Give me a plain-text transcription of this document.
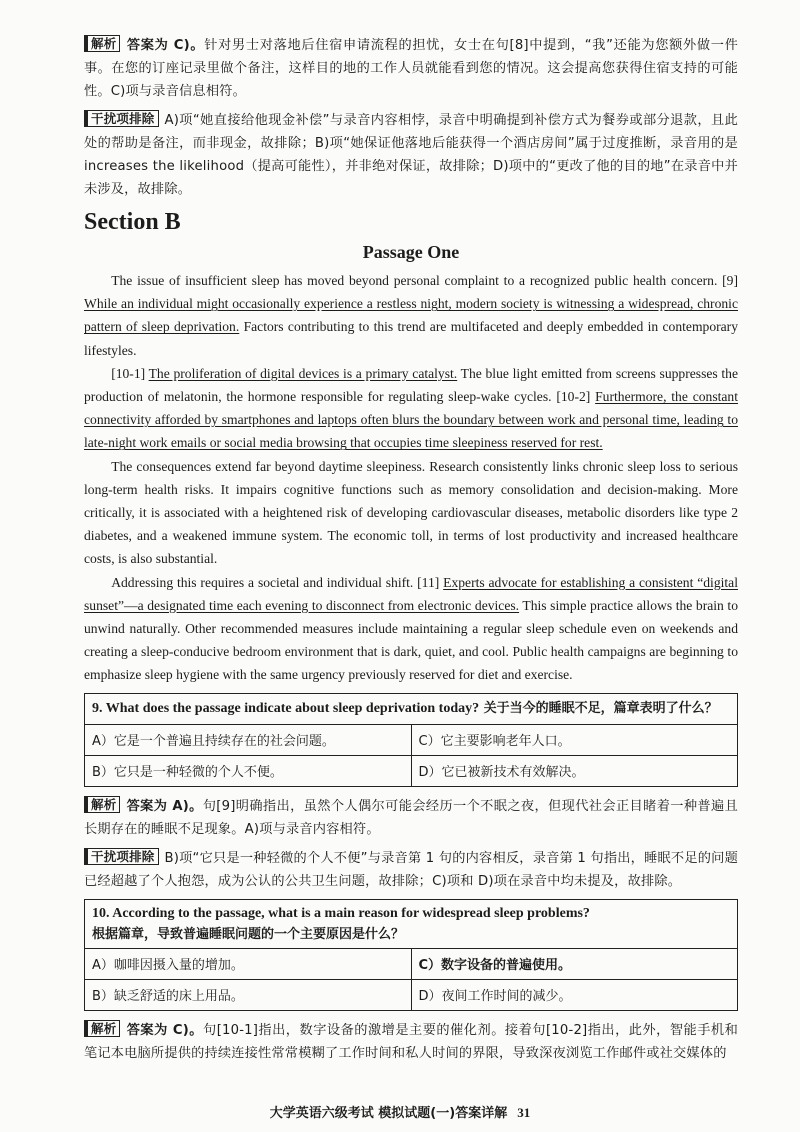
解析 答案为 C)。针对男士对落地后住宿申请流程的担忧，女士在句[8]中提到，“我”还能为您额外做一件事。在您的订座记录里做个备注，这样目的地的工作人员就能看到您的情况。这会提高您获得住宿支持的可能性。C)项与录音信息相符。

干扰项排除 A)项“她直接给他现金补偿”与录音内容相悖，录音中明确提到补偿方式为餐券或部分退款，且此处的帮助是备注，而非现金，故排除；B)项“她保证他落地后能获得一个酒店房间”属于过度推断，录音用的是 increases the likelihood（提高可能性），并非绝对保证，故排除；D)项中的“更改了他的目的地”在录音中并未涉及，故排除。

Section B
Passage One

The issue of insufficient sleep has moved beyond personal complaint to a recognized public health concern. [9] While an individual might occasionally experience a restless night, modern society is witnessing a widespread, chronic pattern of sleep deprivation. Factors contributing to this trend are multifaceted and deeply embedded in contemporary lifestyles.

[10-1] The proliferation of digital devices is a primary catalyst. The blue light emitted from screens suppresses the production of melatonin, the hormone responsible for regulating sleep-wake cycles. [10-2] Furthermore, the constant connectivity afforded by smartphones and laptops often blurs the boundary between work and personal time, leading to late-night work emails or social media browsing that occupies time sleepiness reserved for rest.

The consequences extend far beyond daytime sleepiness. Research consistently links chronic sleep loss to serious long-term health risks. It impairs cognitive functions such as memory consolidation and decision-making. More critically, it is associated with a heightened risk of developing cardiovascular diseases, metabolic disorders like type 2 diabetes, and a weakened immune system. The economic toll, in terms of lost productivity and increased healthcare costs, is also substantial.

Addressing this requires a societal and individual shift. [11] Experts advocate for establishing a consistent “digital sunset”—a designated time each evening to disconnect from electronic devices. This simple practice allows the brain to unwind naturally. Other recommended measures include maintaining a regular sleep schedule even on weekends and creating a sleep-conducive bedroom environment that is dark, quiet, and cool. Public health campaigns are beginning to emphasize sleep hygiene with the same urgency previously reserved for diet and exercise.

9. What does the passage indicate about sleep deprivation today? 关于当今的睡眠不足，篇章表明了什么？	
A）它是一个普遍且持续存在的社会问题。	C）它主要影响老年人口。
B）它只是一种轻微的个人不便。	D）它已被新技术有效解决。

解析 答案为 A)。句[9]明确指出，虽然个人偶尔可能会经历一个不眠之夜，但现代社会正目睹着一种普遍且长期存在的睡眠不足现象。A)项与录音内容相符。

干扰项排除 B)项“它只是一种轻微的个人不便”与录音第 1 句的内容相反，录音第 1 句指出，睡眠不足的问题已经超越了个人抱怨，成为公认的公共卫生问题，故排除；C)项和 D)项在录音中均未提及，故排除。

10. According to the passage, what is a main reason for widespread sleep problems?
根据篇章，导致普遍睡眠问题的一个主要原因是什么？	

A）咖啡因摄入量的增加。	C）数字设备的普遍使用。
B）缺乏舒适的床上用品。	D）夜间工作时间的减少。

解析 答案为 C)。句[10-1]指出，数字设备的激增是主要的催化剂。接着句[10-2]指出，此外，智能手机和笔记本电脑所提供的持续连接性常常模糊了工作时间和私人时间的界限，导致深夜浏览工作邮件或社交媒体的

大学英语六级考试 模拟试题(一)答案详解 31
